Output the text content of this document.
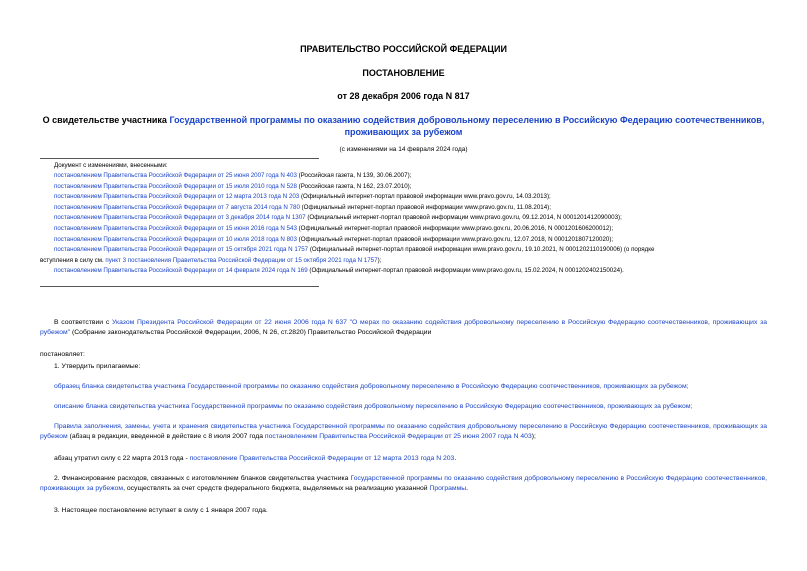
ПРАВИТЕЛЬСТВО РОССИЙСКОЙ ФЕДЕРАЦИИ
ПОСТАНОВЛЕНИЕ
от 28 декабря 2006 года N 817
О свидетельстве участника Государственной программы по оказанию содействия добровольному переселению в Российскую Федерацию соотечественников, проживающих за рубежом
(с изменениями на 14 февраля 2024 года)
Документ с изменениями, внесенными:
постановлением Правительства Российской Федерации от 25 июня 2007 года N 403 (Российская газета, N 139, 30.06.2007);
постановлением Правительства Российской Федерации от 15 июля 2010 года N 528 (Российская газета, N 162, 23.07.2010);
постановлением Правительства Российской Федерации от 12 марта 2013 года N 203 (Официальный интернет-портал правовой информации www.pravo.gov.ru, 14.03.2013);
постановлением Правительства Российской Федерации от 7 августа 2014 года N 780 (Официальный интернет-портал правовой информации www.pravo.gov.ru, 11.08.2014);
постановлением Правительства Российской Федерации от 3 декабря 2014 года N 1307 (Официальный интернет-портал правовой информации www.pravo.gov.ru, 09.12.2014, N 0001201412090003);
постановлением Правительства Российской Федерации от 15 июня 2016 года N 543 (Официальный интернет-портал правовой информации www.pravo.gov.ru, 20.06.2016, N 0001201606200012);
постановлением Правительства Российской Федерации от 10 июля 2018 года N 803 (Официальный интернет-портал правовой информации www.pravo.gov.ru, 12.07.2018, N 0001201807120020);
постановлением Правительства Российской Федерации от 15 октября 2021 года N 1757 (Официальный интернет-портал правовой информации www.pravo.gov.ru, 19.10.2021, N 0001202110190006) (о порядке
вступления в силу см. пункт 3 постановления Правительства Российской Федерации от 15 октября 2021 года N 1757);
постановлением Правительства Российской Федерации от 14 февраля 2024 года N 169 (Официальный интернет-портал правовой информации www.pravo.gov.ru, 15.02.2024, N 0001202402150024).
В соответствии с Указом Президента Российской Федерации от 22 июня 2006 года N 637 "О мерах по оказанию содействия добровольному переселению в Российскую Федерацию соотечественников, проживающих за рубежом" (Собрание законодательства Российской Федерации, 2006, N 26, ст.2820) Правительство Российской Федерации
постановляет:
1. Утвердить прилагаемые:
образец бланка свидетельства участника Государственной программы по оказанию содействия добровольному переселению в Российскую Федерацию соотечественников, проживающих за рубежом;
описание бланка свидетельства участника Государственной программы по оказанию содействия добровольному переселению в Российскую Федерацию соотечественников, проживающих за рубежом;
Правила заполнения, замены, учета и хранения свидетельства участника Государственной программы по оказанию содействия добровольному переселению в Российскую Федерацию соотечественников, проживающих за рубежом (абзац в редакции, введенной в действие с 8 июля 2007 года постановлением Правительства Российской Федерации от 25 июня 2007 года N 403);
абзац утратил силу с 22 марта 2013 года - постановление Правительства Российской Федерации от 12 марта 2013 года N 203.
2. Финансирование расходов, связанных с изготовлением бланков свидетельства участника Государственной программы по оказанию содействия добровольному переселению в Российскую Федерацию соотечественников, проживающих за рубежом, осуществлять за счет средств федерального бюджета, выделяемых на реализацию указанной Программы.
3. Настоящее постановление вступает в силу с 1 января 2007 года.
